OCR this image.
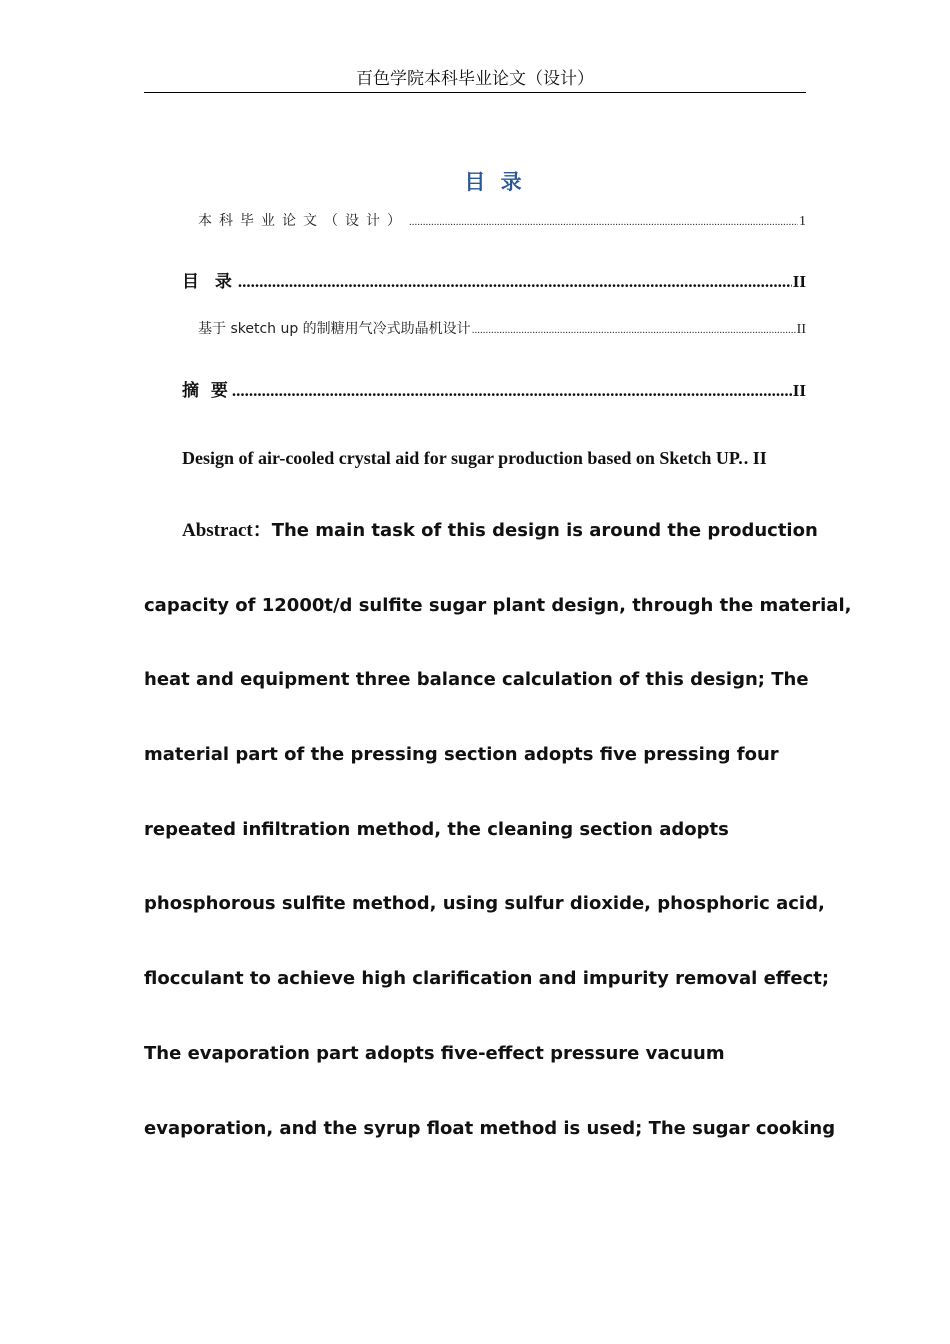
百色学院本科毕业论文（设计）
目 录
本科毕业论文（设计） .....	1
目 录 .....	II
基于 sketch up 的制糖用气冷式助晶机设计 .....	II
摘 要 .....	II
Design of air-cooled crystal aid for sugar production based on Sketch UP. . . II
Abstract：The main task of this design is around the production
capacity of 12000t/d sulfite sugar plant design, through the material,
heat and equipment three balance calculation of this design; The
material part of the pressing section adopts five pressing four
repeated infiltration method, the cleaning section adopts
phosphorous sulfite method, using sulfur dioxide, phosphoric acid,
flocculant to achieve high clarification and impurity removal effect;
The evaporation part adopts five-effect pressure vacuum
evaporation, and the syrup float method is used; The sugar cooking
